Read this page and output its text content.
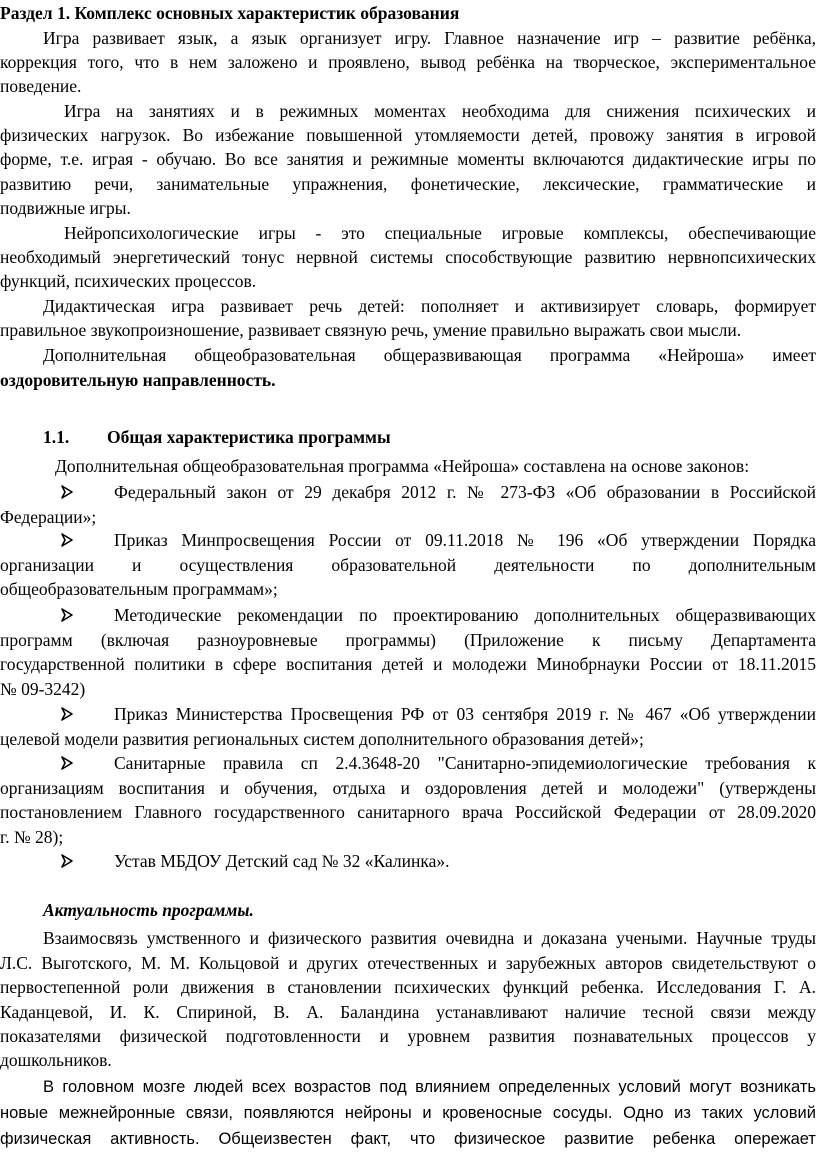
Раздел 1. Комплекс основных характеристик образования
Игра развивает язык, а язык организует игру. Главное назначение игр – развитие ребёнка,
коррекция того, что в нем заложено и проявлено, вывод ребёнка на творческое, экспериментальное
поведение.
Игра на занятиях и в режимных моментах необходима для снижения психических и
физических нагрузок. Во избежание повышенной утомляемости детей, провожу занятия в игровой
форме, т.е. играя - обучаю. Во все занятия и режимные моменты включаются дидактические игры по
развитию речи, занимательные упражнения, фонетические, лексические, грамматические и
подвижные игры.
Нейропсихологические игры - это специальные игровые комплексы, обеспечивающие
необходимый энергетический тонус нервной системы способствующие развитию нервнопсихических
функций, психических процессов.
Дидактическая игра развивает речь детей: пополняет и активизирует словарь, формирует
правильное звукопроизношение, развивает связную речь, умение правильно выражать свои мысли.
Дополнительная общеобразовательная общеразвивающая программа «Нейроша» имеет
оздоровительную направленность.
1.1. Общая характеристика программы
Дополнительная общеобразовательная программа «Нейроша» составлена на основе законов:
Федеральный закон от 29 декабря 2012 г. № 273-ФЗ «Об образовании в Российской
Федерации»;
Приказ Минпросвещения России от 09.11.2018 № 196 «Об утверждении Порядка
организации и осуществления образовательной деятельности по дополнительным
общеобразовательным программам»;
Методические рекомендации по проектированию дополнительных общеразвивающих
программ (включая разноуровневые программы) (Приложение к письму Департамента
государственной политики в сфере воспитания детей и молодежи Минобрнауки России от 18.11.2015
№ 09-3242)
Приказ Министерства Просвещения РФ от 03 сентября 2019 г. № 467 «Об утверждении
целевой модели развития региональных систем дополнительного образования детей»;
Санитарные правила сп 2.4.3648-20 "Санитарно-эпидемиологические требования к
организациям воспитания и обучения, отдыха и оздоровления детей и молодежи" (утверждены
постановлением Главного государственного санитарного врача Российской Федерации от 28.09.2020
г. № 28);
Устав МБДОУ Детский сад № 32 «Калинка».
Актуальность программы.
Взаимосвязь умственного и физического развития очевидна и доказана учеными. Научные труды
Л.С. Выготского, М. М. Кольцовой и других отечественных и зарубежных авторов свидетельствуют о
первостепенной роли движения в становлении психических функций ребенка. Исследования Г. А.
Каданцевой, И. К. Спириной, В. А. Баландина устанавливают наличие тесной связи между
показателями физической подготовленности и уровнем развития познавательных процессов у
дошкольников.
В головном мозге людей всех возрастов под влиянием определенных условий могут возникать
новые межнейронные связи, появляются нейроны и кровеносные сосуды. Одно из таких условий
физическая активность. Общеизвестен факт, что физическое развитие ребенка опережает
